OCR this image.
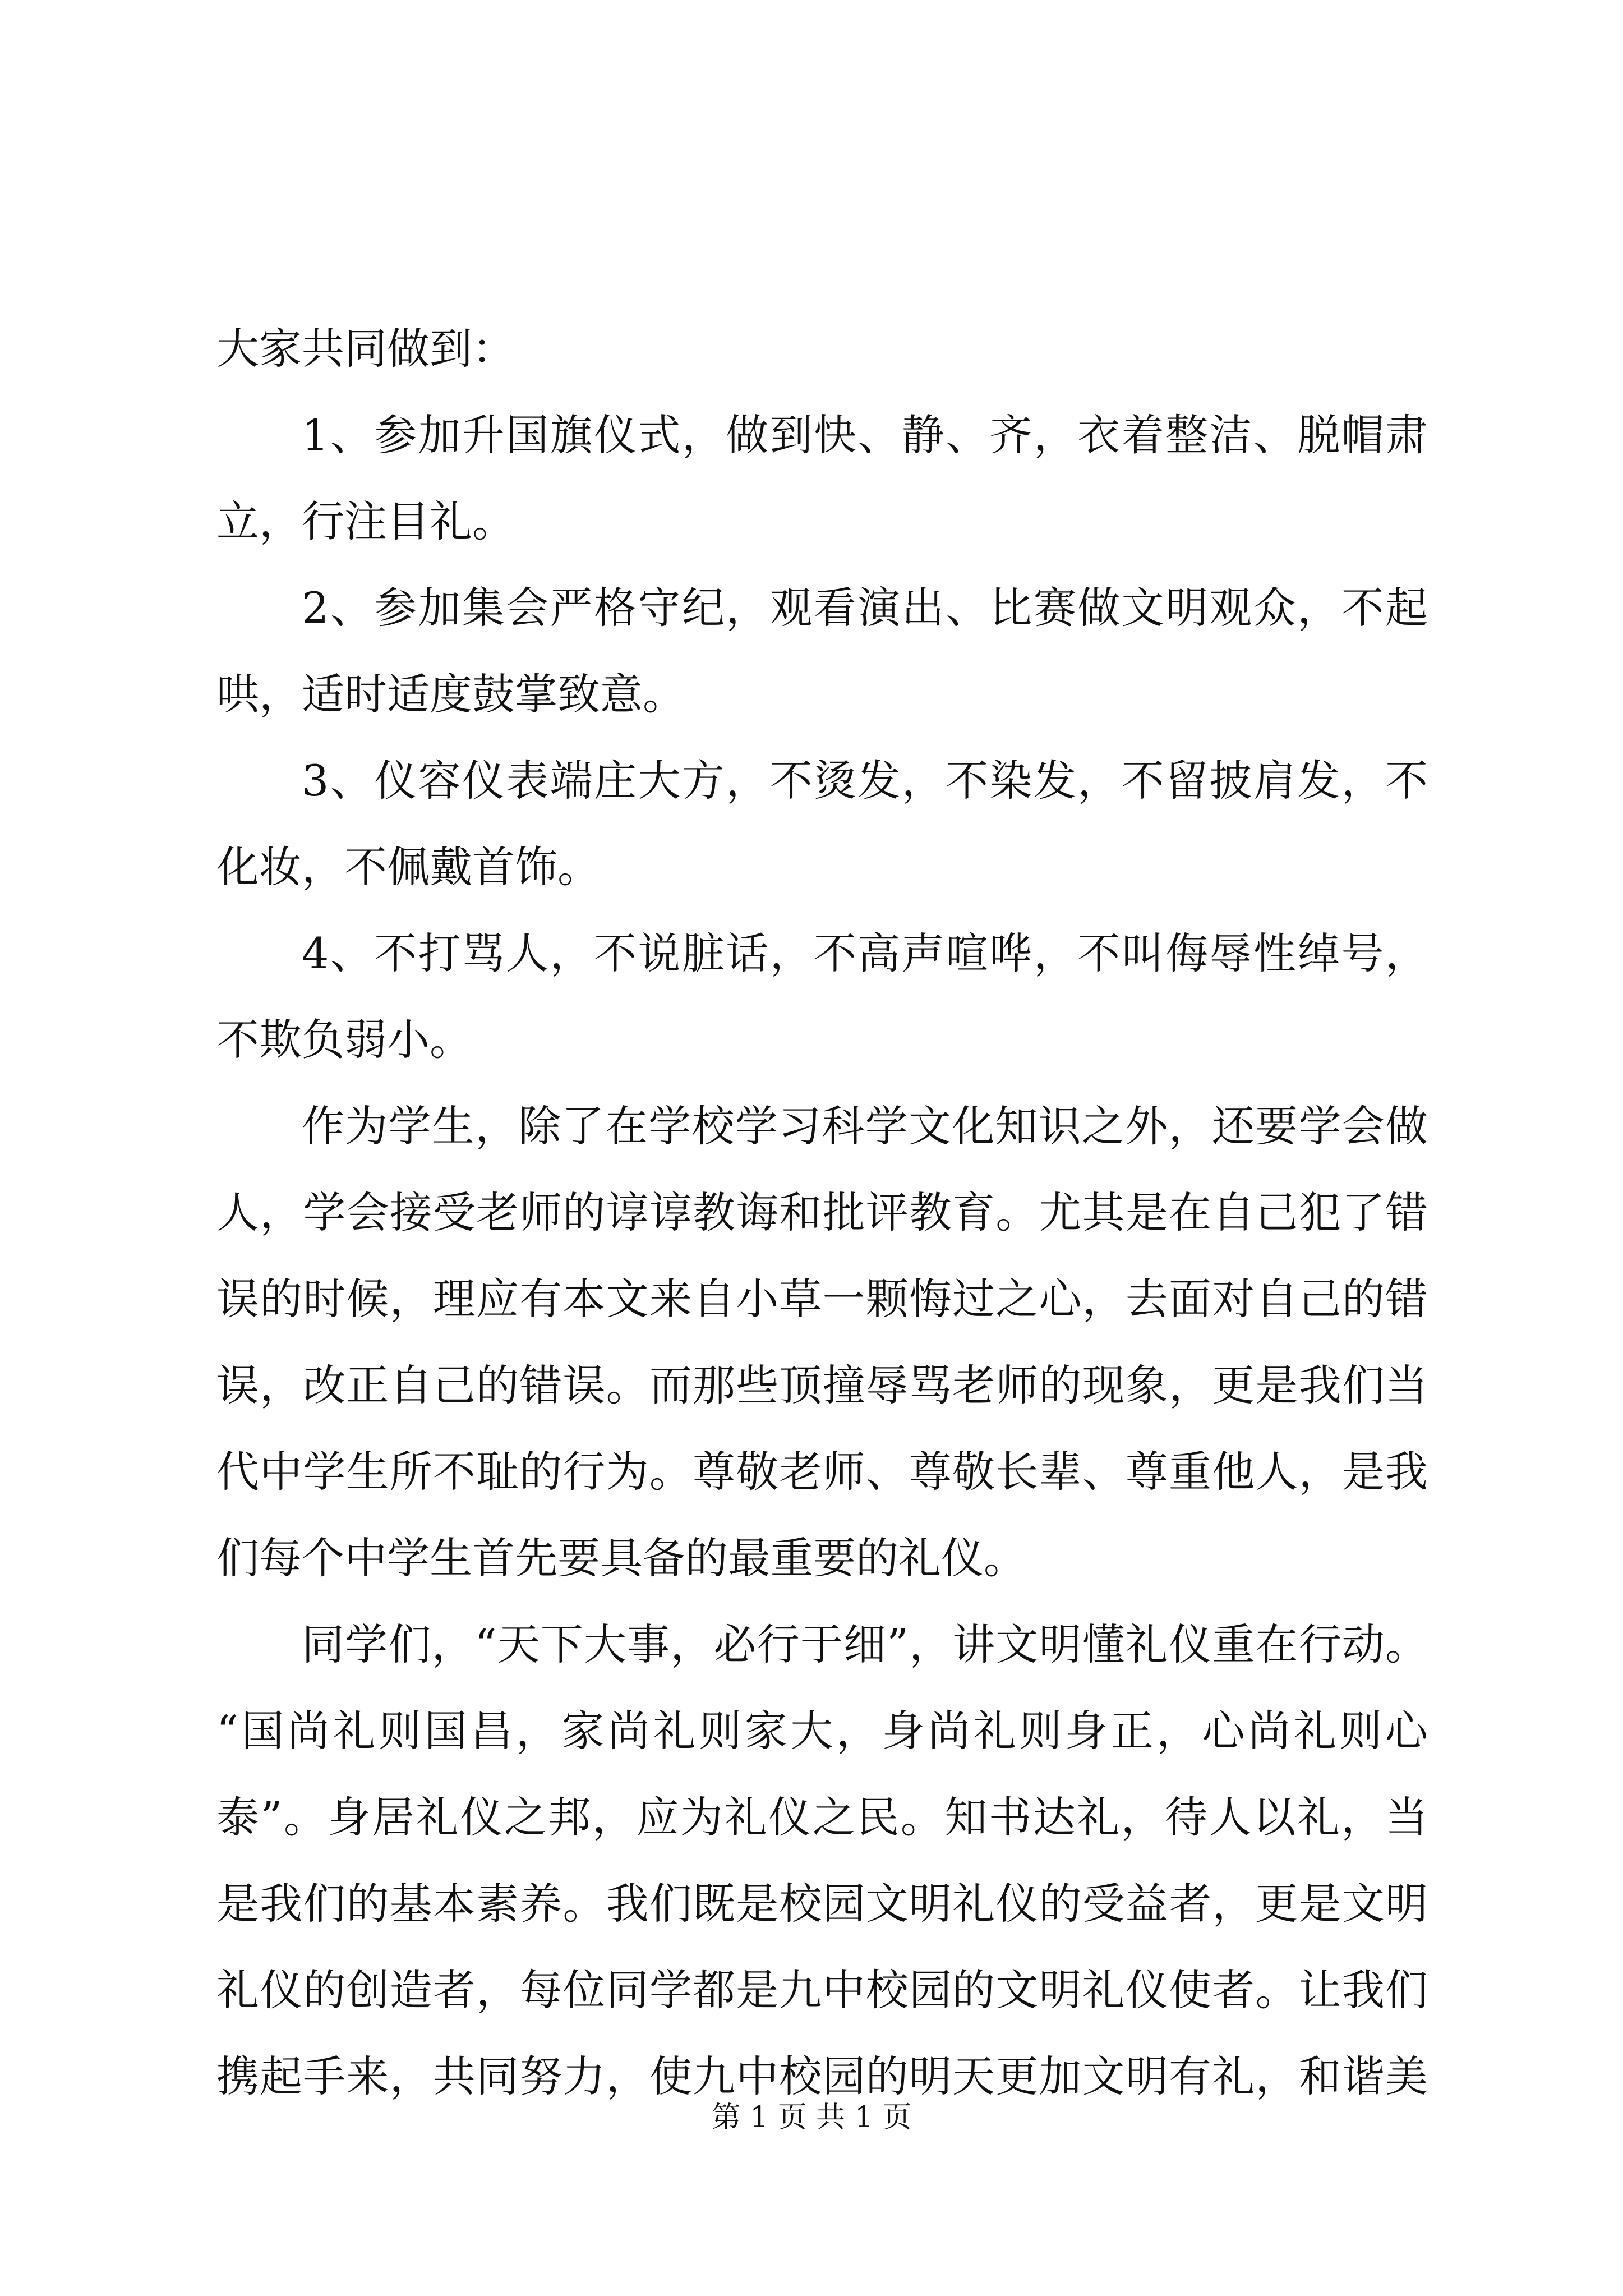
大家共同做到：
1、参加升国旗仪式，做到快、静、齐，衣着整洁、脱帽肃
立，行注目礼。
2、参加集会严格守纪，观看演出、比赛做文明观众，不起
哄，适时适度鼓掌致意。
3、仪容仪表端庄大方，不烫发，不染发，不留披肩发，不
化妆，不佩戴首饰。
4、不打骂人，不说脏话，不高声喧哗，不叫侮辱性绰号，
不欺负弱小。
作为学生，除了在学校学习科学文化知识之外，还要学会做
人，学会接受老师的谆谆教诲和批评教育。尤其是在自己犯了错
误的时候，理应有本文来自小草一颗悔过之心，去面对自己的错
误，改正自己的错误。而那些顶撞辱骂老师的现象，更是我们当
代中学生所不耻的行为。尊敬老师、尊敬长辈、尊重他人，是我
们每个中学生首先要具备的最重要的礼仪。
同学们，“天下大事，必行于细”，讲文明懂礼仪重在行动。
“国尚礼则国昌，家尚礼则家大，身尚礼则身正，心尚礼则心
泰”。身居礼仪之邦，应为礼仪之民。知书达礼，待人以礼，当
是我们的基本素养。我们既是校园文明礼仪的受益者，更是文明
礼仪的创造者，每位同学都是九中校园的文明礼仪使者。让我们
携起手来，共同努力，使九中校园的明天更加文明有礼，和谐美
第 1 页 共 1 页
